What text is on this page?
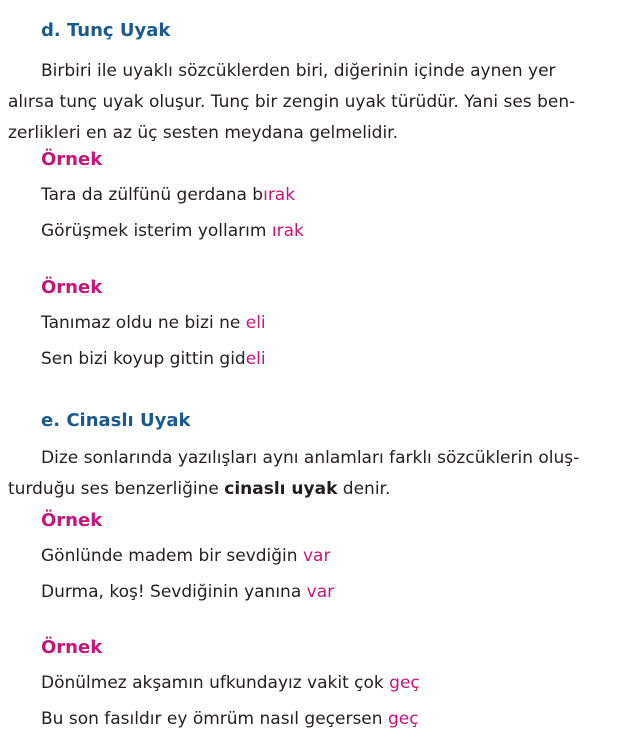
d. Tunç Uyak
Birbiri ile uyaklı sözcüklerden biri, diğerinin içinde aynen yer
alırsa tunç uyak oluşur. Tunç bir zengin uyak türüdür. Yani ses ben-
zerlikleri en az üç sesten meydana gelmelidir.
Örnek
Tara da zülfünü gerdana bırak
Görüşmek isterim yollarım ırak
Örnek
Tanımaz oldu ne bizi ne eli
Sen bizi koyup gittin gideli
e. Cinaslı Uyak
Dize sonlarında yazılışları aynı anlamları farklı sözcüklerin oluş-
turduğu ses benzerliğine cinaslı uyak denir.
Örnek
Gönlünde madem bir sevdiğin var
Durma, koş! Sevdiğinin yanına var
Örnek
Dönülmez akşamın ufkundayız vakit çok geç
Bu son fasıldır ey ömrüm nasıl geçersen geç
